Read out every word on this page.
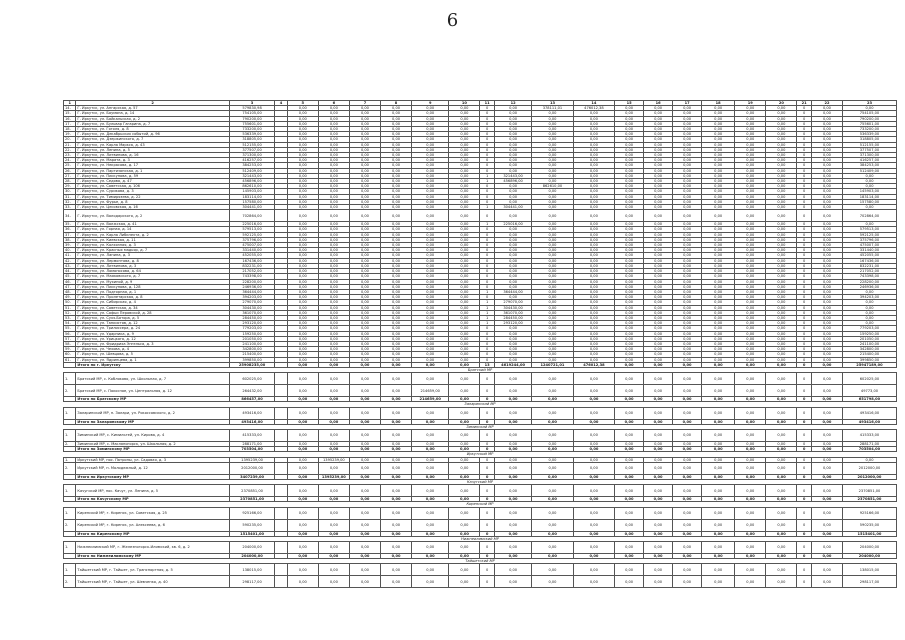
6
1	2	3	4	5	6	7	8	9	10	11	12	13	14	15	16	17	18	19	20	21	22	23
14.	Г. Иркутск, ул. Ангарская, д. 57	579830,98		0,00	0,00	0,00	0,00	0,00	0,00	0	0,00	378111,01	476012,38	0,00	0,00	0,00	0,00	0,00	0,00	0	0,00	0,00
15.	Г. Иркутск, ул. Баумана, д. 14	754105,00		0,00	0,00	0,00	0,00	0,00	0,00	0	0,00	0,00	0,00	0,00	0,00	0,00	0,00	0,00	0,00	0	0,00	754105,00
16.	Г. Иркутск, ул. Байкальская, д. 2	790200,00		0,00	0,00	0,00	0,00	0,00	0,00	0	0,00	0,00	0,00	0,00	0,00	0,00	0,00	0,00	0,00	0	0,00	790200,00
17.	Г. Иркутск, ул. Бульвар Гагарина, д. 7	755601,00		0,00	0,00	0,00	0,00	0,00	0,00	0	0,00	0,00	0,00	0,00	0,00	0,00	0,00	0,00	0,00	0	0,00	755601,00
18.	Г. Иркутск, ул. Гоголя, д. 8	733200,00		0,00	0,00	0,00	0,00	0,00	0,00	0	0,00	0,00	0,00	0,00	0,00	0,00	0,00	0,00	0,00	0	0,00	733200,00
19.	Г. Иркутск, ул. Декабрьских событий, д. 96	536339,00		0,00	0,00	0,00	0,00	0,00	0,00	0	0,00	0,00	0,00	0,00	0,00	0,00	0,00	0,00	0,00	0	0,00	536339,00
20.	Г. Иркутск, ул. Дзержинского, д. 7	318805,00		0,00	0,00	0,00	0,00	0,00	0,00	0	0,00	0,00	0,00	0,00	0,00	0,00	0,00	0,00	0,00	0	0,00	318805,00
21.	Г. Иркутск, ул. Карла Маркса, д. 43	512155,00		0,00	0,00	0,00	0,00	0,00	0,00	0	0,00	0,00	0,00	0,00	0,00	0,00	0,00	0,00	0,00	0	0,00	512155,00
22.	Г. Иркутск, ул. Ленина, д. 5	377507,00		0,00	0,00	0,00	0,00	0,00	0,00	0	0,00	0,00	0,00	0,00	0,00	0,00	0,00	0,00	0,00	0	0,00	377507,00
23.	Г. Иркутск, ул. Литвинова, д. 16	371300,00		0,00	0,00	0,00	0,00	0,00	0,00	0	0,00	0,00	0,00	0,00	0,00	0,00	0,00	0,00	0,00	0	0,00	371300,00
24.	Г. Иркутск, ул. Марата, д. 3	416257,00		0,00	0,00	0,00	0,00	0,00	0,00	0	0,00	0,00	0,00	0,00	0,00	0,00	0,00	0,00	0,00	0	0,00	416257,00
25.	Г. Иркутск, ул. Некрасова, д. 17	384253,00		0,00	0,00	0,00	0,00	0,00	0,00	0	0,00	0,00	0,00	0,00	0,00	0,00	0,00	0,00	0,00	0	0,00	384253,00
26.	Г. Иркутск, ул. Партизанская, д. 1	512409,00		0,00	0,00	0,00	0,00	0,00	0,00	0	0,00	0,00	0,00	0,00	0,00	0,00	0,00	0,00	0,00	0	0,00	512409,00
27.	Г. Иркутск, ул. Пискунова, д. 59	321443,00		0,00	0,00	0,00	0,00	0,00	0,00	1	321443,00	0,00	0,00	0,00	0,00	0,00	0,00	0,00	0,00	0	0,00	0,00
28.	Г. Иркутск, ул. Седова, д. 47	456896,00		0,00	0,00	0,00	0,00	0,00	0,00	1	456896,00	0,00	0,00	0,00	0,00	0,00	0,00	0,00	0,00	0	0,00	0,00
29.	Г. Иркутск, ул. Советская, д. 106	862610,00		0,00	0,00	0,00	0,00	0,00	0,00	0	0,00	862610,00	0,00	0,00	0,00	0,00	0,00	0,00	0,00	0	0,00	0,00
30.	Г. Иркутск, ул. Сурикова, д. 3	145903,00		0,00	0,00	0,00	0,00	0,00	0,00	0	0,00	0,00	0,00	0,00	0,00	0,00	0,00	0,00	0,00	0	0,00	145903,00
31.	Г. Иркутск, ул. Тимирязева, д. 22	183114,00		0,00	0,00	0,00	0,00	0,00	0,00	0	0,00	0,00	0,00	0,00	0,00	0,00	0,00	0,00	0,00	0	0,00	183114,00
32.	Г. Иркутск, ул. Фурье, д. 8	157580,00		0,00	0,00	0,00	0,00	0,00	0,00	0	0,00	0,00	0,00	0,00	0,00	0,00	0,00	0,00	0,00	0	0,00	157580,00
33.	Г. Иркутск, ул. Цесовская, д. 16	304441,00		0,00	0,00	0,00	0,00	0,00	0,00	1	304441,00	0,00	0,00	0,00	0,00	0,00	0,00	0,00	0,00	0	0,00	0,00
34.	Г. Иркутск, ул. Володарского, д. 2	702864,00		0,00	0,00	0,00	0,00	0,00	0,00	0	0,00	0,00	0,00	0,00	0,00	0,00	0,00	0,00	0,00	0	0,00	702864,00
35.	Г. Иркутск, ул. Волжская, д. 41	225016,00		0,00	0,00	0,00	0,00	0,00	0,00	1	225016,00	0,00	0,00	0,00	0,00	0,00	0,00	0,00	0,00	0	0,00	0,00
36.	Г. Иркутск, ул. Горная, д. 14	579513,00		0,00	0,00	0,00	0,00	0,00	0,00	0	0,00	0,00	0,00	0,00	0,00	0,00	0,00	0,00	0,00	0	0,00	579513,00
37.	Г. Иркутск, ул. Карла Либкнехта, д. 2	592125,00		0,00	0,00	0,00	0,00	0,00	0,00	0	0,00	0,00	0,00	0,00	0,00	0,00	0,00	0,00	0,00	0	0,00	592125,00
38.	Г. Иркутск, ул. Киевская, д. 11	375796,00		0,00	0,00	0,00	0,00	0,00	0,00	0	0,00	0,00	0,00	0,00	0,00	0,00	0,00	0,00	0,00	0	0,00	375796,00
39.	Г. Иркутск, ул. Колхозная, д. 3	475007,00		0,00	0,00	0,00	0,00	0,00	0,00	0	0,00	0,00	0,00	0,00	0,00	0,00	0,00	0,00	0,00	0	0,00	475007,00
40.	Г. Иркутск, ул. Красных мадьяр, д. 7	331440,00		0,00	0,00	0,00	0,00	0,00	0,00	0	0,00	0,00	0,00	0,00	0,00	0,00	0,00	0,00	0,00	0	0,00	331440,00
41.	Г. Иркутск, ул. Лапина, д. 3	452055,00		0,00	0,00	0,00	0,00	0,00	0,00	0	0,00	0,00	0,00	0,00	0,00	0,00	0,00	0,00	0,00	0	0,00	452055,00
42.	Г. Иркутск, ул. Лермонтова, д. 8	167436,00		0,00	0,00	0,00	0,00	0,00	0,00	0	0,00	0,00	0,00	0,00	0,00	0,00	0,00	0,00	0,00	0	0,00	167436,00
43.	Г. Иркутск, ул. Литвинова, д. 3	832231,00		0,00	0,00	0,00	0,00	0,00	0,00	0	0,00	0,00	0,00	0,00	0,00	0,00	0,00	0,00	0,00	0	0,00	832231,00
44.	Г. Иркутск, ул. Ломоносова, д. 64	217052,00		0,00	0,00	0,00	0,00	0,00	0,00	0	0,00	0,00	0,00	0,00	0,00	0,00	0,00	0,00	0,00	0	0,00	217052,00
45.	Г. Иркутск, ул. Маяковского, д. 7	743398,00		0,00	0,00	0,00	0,00	0,00	0,00	0	0,00	0,00	0,00	0,00	0,00	0,00	0,00	0,00	0,00	0	0,00	743398,00
46.	Г. Иркутск, ул. Мухиной, д. 9	228200,00		0,00	0,00	0,00	0,00	0,00	0,00	0	0,00	0,00	0,00	0,00	0,00	0,00	0,00	0,00	0,00	0	0,00	228200,00
47.	Г. Иркутск, ул. Пискунова, д. 128	246936,00		0,00	0,00	0,00	0,00	0,00	0,00	0	0,00	0,00	0,00	0,00	0,00	0,00	0,00	0,00	0,00	0	0,00	246936,00
48.	Г. Иркутск, ул. Подгорная, д. 1	364444,00		0,00	0,00	0,00	0,00	0,00	0,00	1	364444,00	0,00	0,00	0,00	0,00	0,00	0,00	0,00	0,00	0	0,00	0,00
49.	Г. Иркутск, ул. Пролетарская, д. 8	394203,00		0,00	0,00	0,00	0,00	0,00	0,00	0	0,00	0,00	0,00	0,00	0,00	0,00	0,00	0,00	0,00	0	0,00	394203,00
50.	Г. Иркутск, ул. Сибирская, д. 4	279070,00		0,00	0,00	0,00	0,00	0,00	0,00	1	279070,00	0,00	0,00	0,00	0,00	0,00	0,00	0,00	0,00	0	0,00	0,00
51.	Г. Иркутск, ул. Советская, д. 34	304430,00		0,00	0,00	0,00	0,00	0,00	0,00	1	304430,00	0,00	0,00	0,00	0,00	0,00	0,00	0,00	0,00	0	0,00	0,00
52.	Г. Иркутск, ул. Софьи Перовской, д. 28	361070,00		0,00	0,00	0,00	0,00	0,00	0,00	1	361070,00	0,00	0,00	0,00	0,00	0,00	0,00	0,00	0,00	0	0,00	0,00
53.	Г. Иркутск, ул. Сухэ-Батора, д. 5	284450,00		0,00	0,00	0,00	0,00	0,00	0,00	1	284450,00	0,00	0,00	0,00	0,00	0,00	0,00	0,00	0,00	0	0,00	0,00
54.	Г. Иркутск, ул. Танкистов, д. 12	293120,00		0,00	0,00	0,00	0,00	0,00	0,00	1	293120,00	0,00	0,00	0,00	0,00	0,00	0,00	0,00	0,00	0	0,00	0,00
55.	Г. Иркутск, ул. Трилиссера, д. 24	779203,00		0,00	0,00	0,00	0,00	0,00	0,00	0	0,00	0,00	0,00	0,00	0,00	0,00	0,00	0,00	0,00	0	0,00	779203,00
56.	Г. Иркутск, ул. Ударника, д. 9	159250,00		0,00	0,00	0,00	0,00	0,00	0,00	0	0,00	0,00	0,00	0,00	0,00	0,00	0,00	0,00	0,00	0	0,00	159250,00
57.	Г. Иркутск, ул. Урицкого, д. 12	201050,00		0,00	0,00	0,00	0,00	0,00	0,00	0	0,00	0,00	0,00	0,00	0,00	0,00	0,00	0,00	0,00	0	0,00	201050,00
58.	Г. Иркутск, ул. Фридриха Энгельса, д. 3	241100,00		0,00	0,00	0,00	0,00	0,00	0,00	0	0,00	0,00	0,00	0,00	0,00	0,00	0,00	0,00	0,00	0	0,00	241100,00
59.	Г. Иркутск, ул. Чехова, д. 4	342800,00		0,00	0,00	0,00	0,00	0,00	0,00	0	0,00	0,00	0,00	0,00	0,00	0,00	0,00	0,00	0,00	0	0,00	342800,00
60.	Г. Иркутск, ул. Шевцова, д. 5	215400,00		0,00	0,00	0,00	0,00	0,00	0,00	0	0,00	0,00	0,00	0,00	0,00	0,00	0,00	0,00	0,00	0	0,00	215400,00
61.	Г. Иркутск, ул. Ядринцева, д. 1	399850,00		0,00	0,00	0,00	0,00	0,00	0,00	0	0,00	0,00	0,00	0,00	0,00	0,00	0,00	0,00	0,00	0	0,00	399850,00
	Итого по г. Иркутску	25908235,00		0,00	0,00	0,00	0,00	0,00	0,00	13	4619244,00	1240721,01	476012,38	0,00	0,00	0,00	0,00	0,00	0,00	0	0,00	25947189,00
Братский МР																						
1.	Братский МР, с. Кобляково, ул. Школьная, д. 7	602025,00		0,00	0,00	0,00	0,00	0,00	0,00	0	0,00	0,00	0,00	0,00	0,00	0,00	0,00	0,00	0,00	0	0,00	602025,00
2.	Братский МР, с. Покосное, ул. Центральная, д. 12	264432,00		0,00	0,00	0,00	0,00	214659,00	0,00	0	0,00	0,00	0,00	0,00	0,00	0,00	0,00	0,00	0,00	0	0,00	49773,00
	Итого по Братскому МР	866457,00		0,00	0,00	0,00	0,00	214659,00	0,00	0	0,00	0,00	0,00	0,00	0,00	0,00	0,00	0,00	0,00	0	0,00	651798,00
Заларинский МР																						
1.	Заларинский МР, п. Залари, ул. Рокоссовского, д. 2	493416,00		0,00	0,00	0,00	0,00	0,00	0,00	0	0,00	0,00	0,00	0,00	0,00	0,00	0,00	0,00	0,00	0	0,00	493416,00
	Итого по Заларинскому МР	493416,00		0,00	0,00	0,00	0,00	0,00	0,00	0	0,00	0,00	0,00	0,00	0,00	0,00	0,00	0,00	0,00	0	0,00	493416,00
Зиминский МР																						
1.	Зиминский МР, с. Кимильтей, ул. Кирова, д. 4	415333,00		0,00	0,00	0,00	0,00	0,00	0,00	0	0,00	0,00	0,00	0,00	0,00	0,00	0,00	0,00	0,00	0	0,00	415333,00
2.	Зиминский МР, с. Масляногорск, ул. Школьная, д. 2	288171,00		0,00	0,00	0,00	0,00	0,00	0,00	0	0,00	0,00	0,00	0,00	0,00	0,00	0,00	0,00	0,00	0	0,00	288171,00
	Итого по Зиминскому МР	703504,00		0,00	0,00	0,00	0,00	0,00	0,00	0	0,00	0,00	0,00	0,00	0,00	0,00	0,00	0,00	0,00	0	0,00	703504,00
Иркутский МР																						
1.	Иркутский МР, пос. Патроны, ул. Садовая, д. 3	1395239,00		0,00	1395239,00	0,00	0,00	0,00	0,00	0	0,00	0,00	0,00	0,00	0,00	0,00	0,00	0,00	0,00	0	0,00	0,00
2.	Иркутский МР, п. Молодежный, д. 12	2012000,00		0,00	0,00	0,00	0,00	0,00	0,00	0	0,00	0,00	0,00	0,00	0,00	0,00	0,00	0,00	0,00	0	0,00	2012000,00
	Итого по Иркутскому МР	3407239,00		0,00	1395239,00	0,00	0,00	0,00	0,00	0	0,00	0,00	0,00	0,00	0,00	0,00	0,00	0,00	0,00	0	0,00	2012000,00
Качугский МР																						
1.	Качугский МР, пос. Качуг, ул. Ленина, д. 5	2370851,00		0,00	0,00	0,00	0,00	0,00	0,00	0	0,00	0,00	0,00	0,00	0,00	0,00	0,00	0,00	0,00	0	0,00	2370851,00
	Итого по Качугскому МР	2370851,00		0,00	0,00	0,00	0,00	0,00	0,00	0	0,00	0,00	0,00	0,00	0,00	0,00	0,00	0,00	0,00	0	0,00	2370851,00
Киренский МР																						
1.	Киренский МР, г. Киренск, ул. Советская, д. 25	925166,00		0,00	0,00	0,00	0,00	0,00	0,00	0	0,00	0,00	0,00	0,00	0,00	0,00	0,00	0,00	0,00	0	0,00	925166,00
2.	Киренский МР, г. Киренск, ул. Алексеева, д. 6	590235,00		0,00	0,00	0,00	0,00	0,00	0,00	0	0,00	0,00	0,00	0,00	0,00	0,00	0,00	0,00	0,00	0	0,00	590235,00
	Итого по Киренскому МР	1515401,00		0,00	0,00	0,00	0,00	0,00	0,00	0	0,00	0,00	0,00	0,00	0,00	0,00	0,00	0,00	0,00	0	0,00	1515401,00
Нижнеилимский МР																						
1.	Нижнеилимский МР, г. Железногорск-Илимский, кв. 6, д. 2	204000,00		0,00	0,00	0,00	0,00	0,00	0,00	0	0,00	0,00	0,00	0,00	0,00	0,00	0,00	0,00	0,00	0	0,00	204000,00
	Итого по Нижнеилимскому МР	204000,00		0,00	0,00	0,00	0,00	0,00	0,00	0	0,00	0,00	0,00	0,00	0,00	0,00	0,00	0,00	0,00	0	0,00	204000,00
Тайшетский МР																						
1.	Тайшетский МР, г. Тайшет, ул. Транспортная, д. 5	138015,00		0,00	0,00	0,00	0,00	0,00	0,00	0	0,00	0,00	0,00	0,00	0,00	0,00	0,00	0,00	0,00	0	0,00	138015,00
2.	Тайшетский МР, г. Тайшет, ул. Шевченко, д. 40	298117,00		0,00	0,00	0,00	0,00	0,00	0,00	0	0,00	0,00	0,00	0,00	0,00	0,00	0,00	0,00	0,00	0	0,00	298117,00
